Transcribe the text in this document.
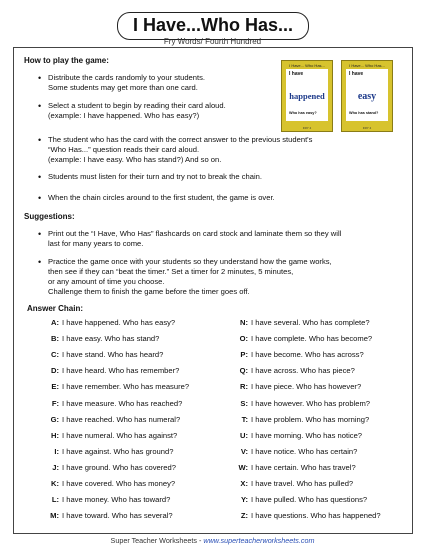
I Have...Who Has...
Fry Words/ Fourth Hundred
How to play the game:
• Distribute the cards randomly to your students.
Some students may get more than one card.
• Select a student to begin by reading their card aloud.
(example: I have happened. Who has easy?)
• The student who has the card with the correct answer to the previous student's
“Who Has...” question reads their card aloud.
(example: I have easy. Who has stand?) And so on.
• Students must listen for their turn and try not to break the chain.
• When the chain circles around to the first student, the game is over.
I Have... Who Has...
I have
happened
Who has easy?
FRY 4
I Have... Who Has...
I have
easy
Who has stand?
FRY 4
Suggestions:
• Print out the “I Have, Who Has” flashcards on card stock and laminate them so they will
last for many years to come.
• Practice the game once with your students so they understand how the game works,
then see if they can “beat the timer.” Set a timer for 2 minutes, 5 minutes,
or any amount of time you choose.
Challenge them to finish the game before the timer goes off.
Answer Chain:
A: I have happened. Who has easy?
B: I have easy. Who has stand?
C: I have stand. Who has heard?
D: I have heard. Who has remember?
E: I have remember. Who has measure?
F: I have measure. Who has reached?
G: I have reached. Who has numeral?
H: I have numeral. Who has against?
I: I have against. Who has ground?
J: I have ground. Who has covered?
K: I have covered. Who has money?
L: I have money. Who has toward?
M: I have toward. Who has several?
N: I have several. Who has complete?
O: I have complete. Who has become?
P: I have become. Who has across?
Q: I have across. Who has piece?
R: I have piece. Who has however?
S: I have however. Who has problem?
T: I have problem. Who has morning?
U: I have morning. Who has notice?
V: I have notice. Who has certain?
W: I have certain. Who has travel?
X: I have travel. Who has pulled?
Y: I have pulled. Who has questions?
Z: I have questions. Who has happened?
Super Teacher Worksheets - www.superteacherworksheets.com
